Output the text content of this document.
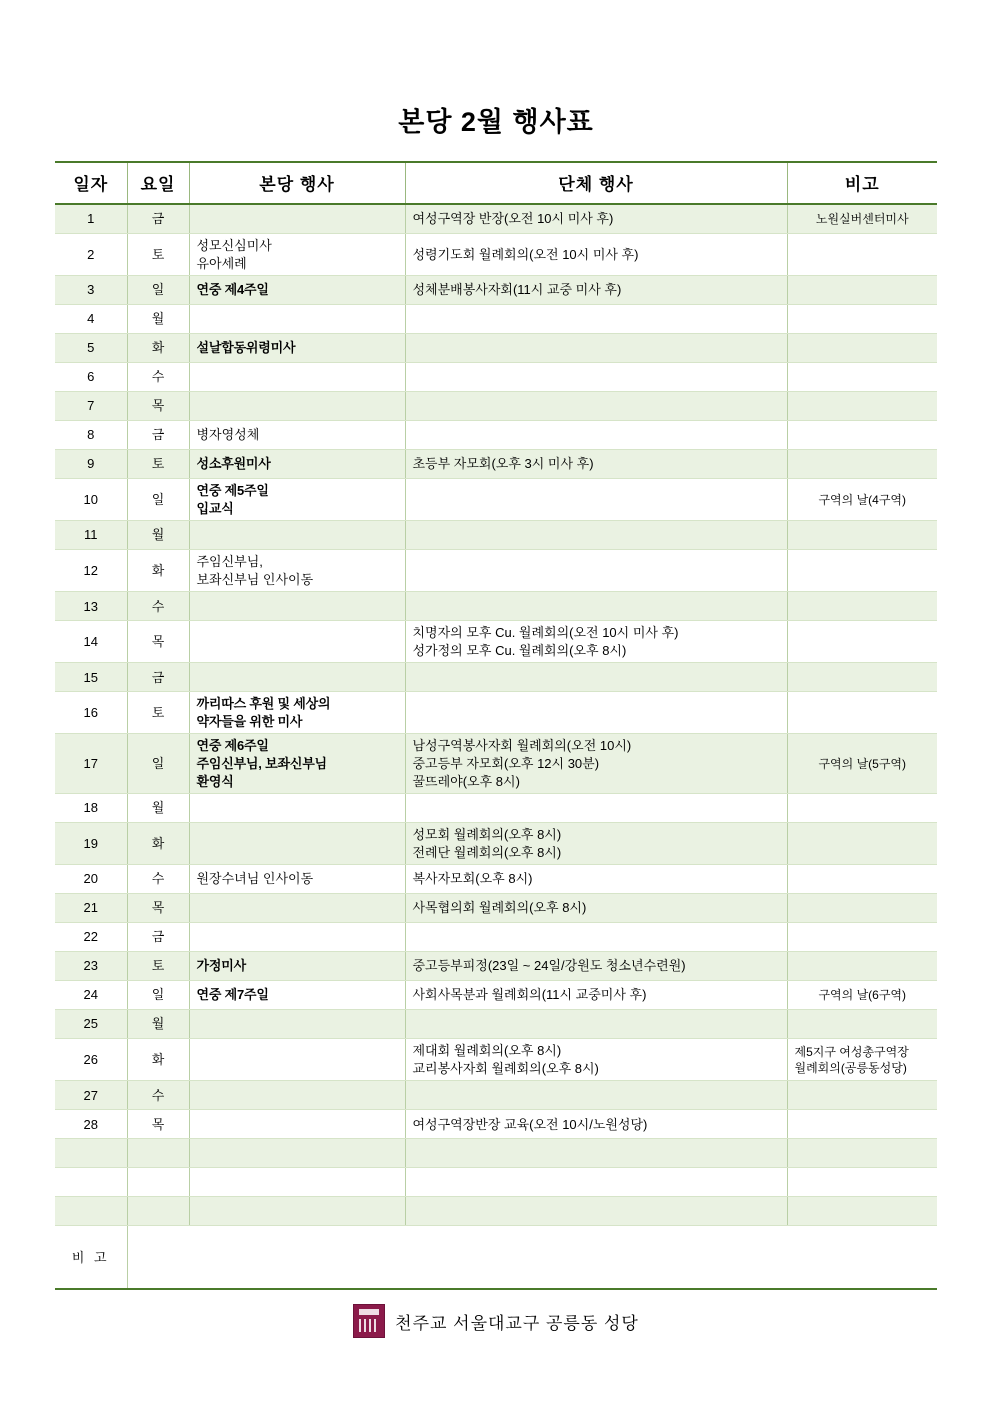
본당 2월 행사표
일자	요일	본당 행사	단체 행사	비고

1	금		여성구역장 반장(오전 10시 미사 후)	노원실버센터미사

2	토	성모신심미사
유아세례	성령기도회 월례회의(오전 10시 미사 후)	

3	일	연중 제4주일	성체분배봉사자회(11시 교중 미사 후)	

4	월			

5	화	설날합동위령미사		

6	수			

7	목			

8	금	병자영성체		

9	토	성소후원미사	초등부 자모회(오후 3시 미사 후)	

10	일	연중 제5주일
입교식		구역의 날(4구역)

11	월			

12	화	주임신부님,
보좌신부님 인사이동		

13	수			

14	목		치명자의 모후 Cu. 월례회의(오전 10시 미사 후)
성가정의 모후 Cu. 월례회의(오후 8시)	

15	금			

16	토	까리따스 후원 및 세상의
약자들을 위한 미사		

17	일	연중 제6주일
주임신부님, 보좌신부님
환영식	남성구역봉사자회 월례회의(오전 10시)
중고등부 자모회(오후 12시 30분)
꿀뜨레야(오후 8시)	구역의 날(5구역)

18	월			

19	화		성모회 월례회의(오후 8시)
전례단 월례회의(오후 8시)	

20	수	원장수녀님 인사이동	복사자모회(오후 8시)	

21	목		사목협의회 월례회의(오후 8시)	

22	금			

23	토	가정미사	중고등부피정(23일 ~ 24일/강원도 청소년수련원)	

24	일	연중 제7주일	사회사목분과 월례회의(11시 교중미사 후)	구역의 날(6구역)

25	월			

26	화		제대회 월례회의(오후 8시)
교리봉사자회 월례회의(오후 8시)	제5지구 여성총구역장
월례회의(공릉동성당)

27	수			

28	목		여성구역장반장 교육(오전 10시/노원성당)	

비 고				
천주교 서울대교구 공릉동 성당
